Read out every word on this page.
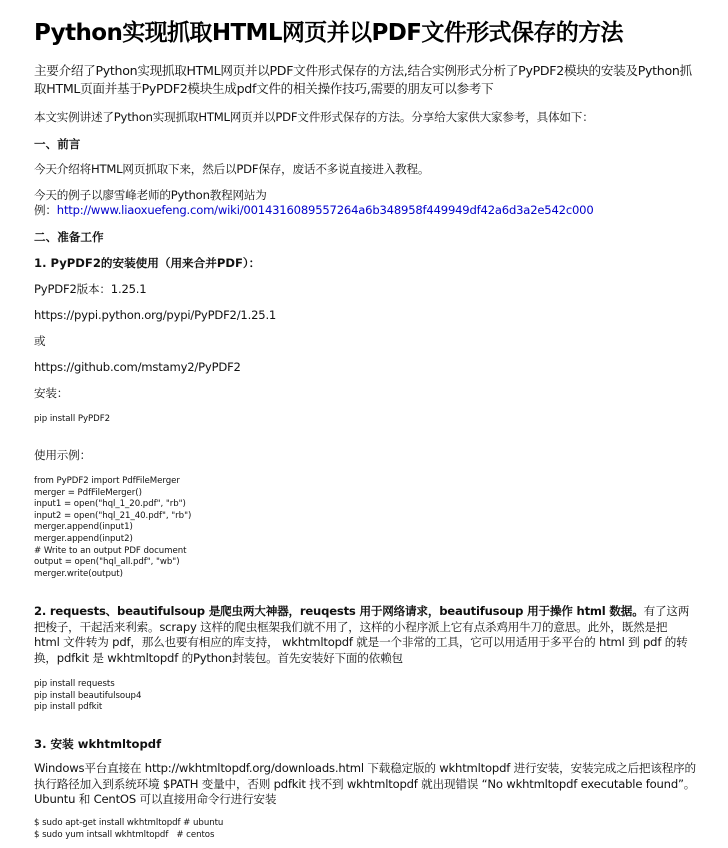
Python实现抓取HTML网页并以PDF文件形式保存的方法
主要介绍了Python实现抓取HTML网页并以PDF文件形式保存的方法,结合实例形式分析了PyPDF2模块的安装及Python抓取HTML页面并基于PyPDF2模块生成pdf文件的相关操作技巧,需要的朋友可以参考下
本文实例讲述了Python实现抓取HTML网页并以PDF文件形式保存的方法。分享给大家供大家参考，具体如下：
一、前言
今天介绍将HTML网页抓取下来，然后以PDF保存，废话不多说直接进入教程。
今天的例子以廖雪峰老师的Python教程网站为
例：http://www.liaoxuefeng.com/wiki/0014316089557264a6b348958f449949df42a6d3a2e542c000
二、准备工作
1. PyPDF2的安装使用（用来合并PDF）：
PyPDF2版本：1.25.1
https://pypi.python.org/pypi/PyPDF2/1.25.1
或
https://github.com/mstamy2/PyPDF2
安装：
pip install PyPDF2
使用示例：
from PyPDF2 import PdfFileMerger
merger = PdfFileMerger()
input1 = open("hql_1_20.pdf", "rb")
input2 = open("hql_21_40.pdf", "rb")
merger.append(input1)
merger.append(input2)
# Write to an output PDF document
output = open("hql_all.pdf", "wb")
merger.write(output)
2. requests、beautifulsoup 是爬虫两大神器，reuqests 用于网络请求，beautifusoup 用于操作 html 数据。有了这两把梭子，干起活来利索。scrapy 这样的爬虫框架我们就不用了，这样的小程序派上它有点杀鸡用牛刀的意思。此外，既然是把 html 文件转为 pdf，那么也要有相应的库支持， wkhtmltopdf 就是一个非常的工具，它可以用适用于多平台的 html 到 pdf 的转换，pdfkit 是 wkhtmltopdf 的Python封装包。首先安装好下面的依赖包
pip install requests
pip install beautifulsoup4
pip install pdfkit
3. 安装 wkhtmltopdf
Windows平台直接在 http://wkhtmltopdf.org/downloads.html 下载稳定版的 wkhtmltopdf 进行安装，安装完成之后把该程序的执行路径加入到系统环境 $PATH 变量中，否则 pdfkit 找不到 wkhtmltopdf 就出现错误 “No wkhtmltopdf executable found”。Ubuntu 和 CentOS 可以直接用命令行进行安装
$ sudo apt-get install wkhtmltopdf # ubuntu
$ sudo yum intsall wkhtmltopdf   # centos
